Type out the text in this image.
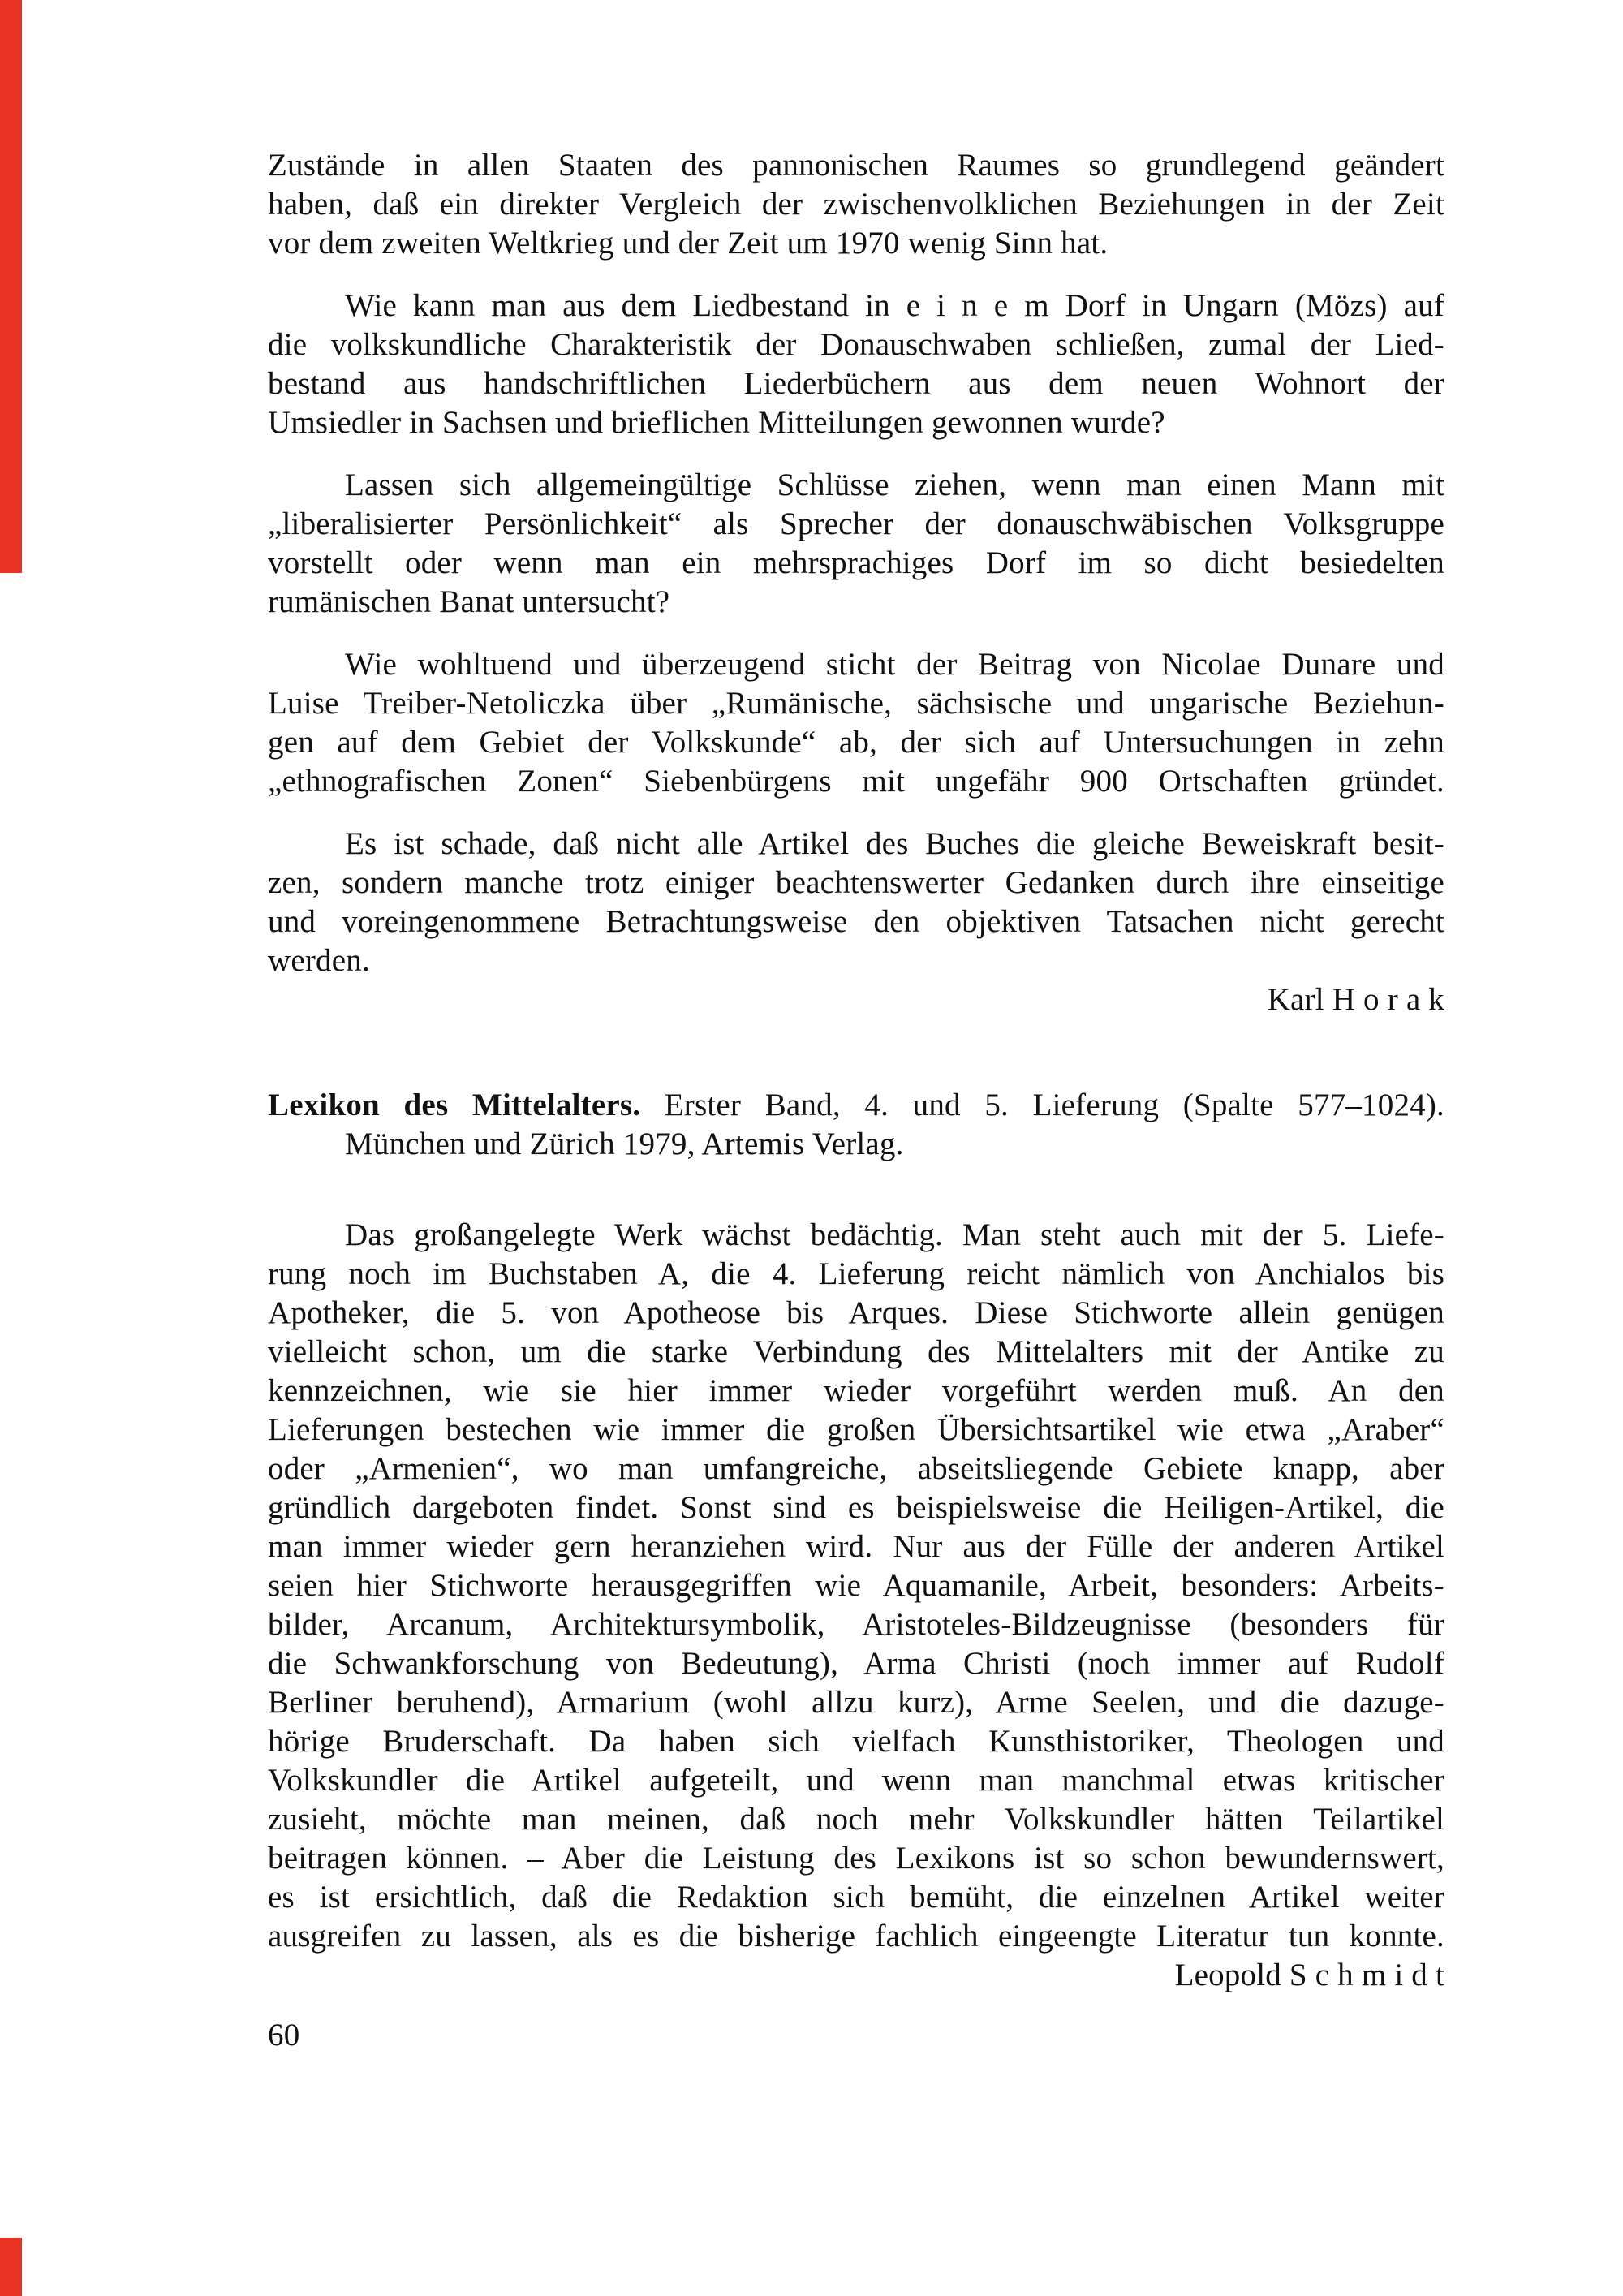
Zustände in allen Staaten des pannonischen Raumes so grundlegend geändert
haben, daß ein direkter Vergleich der zwischenvolklichen Beziehungen in der Zeit
vor dem zweiten Weltkrieg und der Zeit um 1970 wenig Sinn hat.
Wie kann man aus dem Liedbestand in e i n e m Dorf in Ungarn (Mözs) auf
die volkskundliche Charakteristik der Donauschwaben schließen, zumal der Lied-
bestand aus handschriftlichen Liederbüchern aus dem neuen Wohnort der
Umsiedler in Sachsen und brieflichen Mitteilungen gewonnen wurde?
Lassen sich allgemeingültige Schlüsse ziehen, wenn man einen Mann mit
„liberalisierter Persönlichkeit“ als Sprecher der donauschwäbischen Volksgruppe
vorstellt oder wenn man ein mehrsprachiges Dorf im so dicht besiedelten
rumänischen Banat untersucht?
Wie wohltuend und überzeugend sticht der Beitrag von Nicolae Dunare und
Luise Treiber-Netoliczka über „Rumänische, sächsische und ungarische Beziehun-
gen auf dem Gebiet der Volkskunde“ ab, der sich auf Untersuchungen in zehn
„ethnografischen Zonen“ Siebenbürgens mit ungefähr 900 Ortschaften gründet.
Es ist schade, daß nicht alle Artikel des Buches die gleiche Beweiskraft besit-
zen, sondern manche trotz einiger beachtenswerter Gedanken durch ihre einseitige
und voreingenommene Betrachtungsweise den objektiven Tatsachen nicht gerecht
werden.
Karl H o r a k
Lexikon des Mittelalters. Erster Band, 4. und 5. Lieferung (Spalte 577–1024).
München und Zürich 1979, Artemis Verlag.
Das großangelegte Werk wächst bedächtig. Man steht auch mit der 5. Liefe-
rung noch im Buchstaben A, die 4. Lieferung reicht nämlich von Anchialos bis
Apotheker, die 5. von Apotheose bis Arques. Diese Stichworte allein genügen
vielleicht schon, um die starke Verbindung des Mittelalters mit der Antike zu
kennzeichnen, wie sie hier immer wieder vorgeführt werden muß. An den
Lieferungen bestechen wie immer die großen Übersichtsartikel wie etwa „Araber“
oder „Armenien“, wo man umfangreiche, abseitsliegende Gebiete knapp, aber
gründlich dargeboten findet. Sonst sind es beispielsweise die Heiligen-Artikel, die
man immer wieder gern heranziehen wird. Nur aus der Fülle der anderen Artikel
seien hier Stichworte herausgegriffen wie Aquamanile, Arbeit, besonders: Arbeits-
bilder, Arcanum, Architektursymbolik, Aristoteles-Bildzeugnisse (besonders für
die Schwankforschung von Bedeutung), Arma Christi (noch immer auf Rudolf
Berliner beruhend), Armarium (wohl allzu kurz), Arme Seelen, und die dazuge-
hörige Bruderschaft. Da haben sich vielfach Kunsthistoriker, Theologen und
Volkskundler die Artikel aufgeteilt, und wenn man manchmal etwas kritischer
zusieht, möchte man meinen, daß noch mehr Volkskundler hätten Teilartikel
beitragen können. – Aber die Leistung des Lexikons ist so schon bewundernswert,
es ist ersichtlich, daß die Redaktion sich bemüht, die einzelnen Artikel weiter
ausgreifen zu lassen, als es die bisherige fachlich eingeengte Literatur tun konnte.
Leopold S c h m i d t
60
